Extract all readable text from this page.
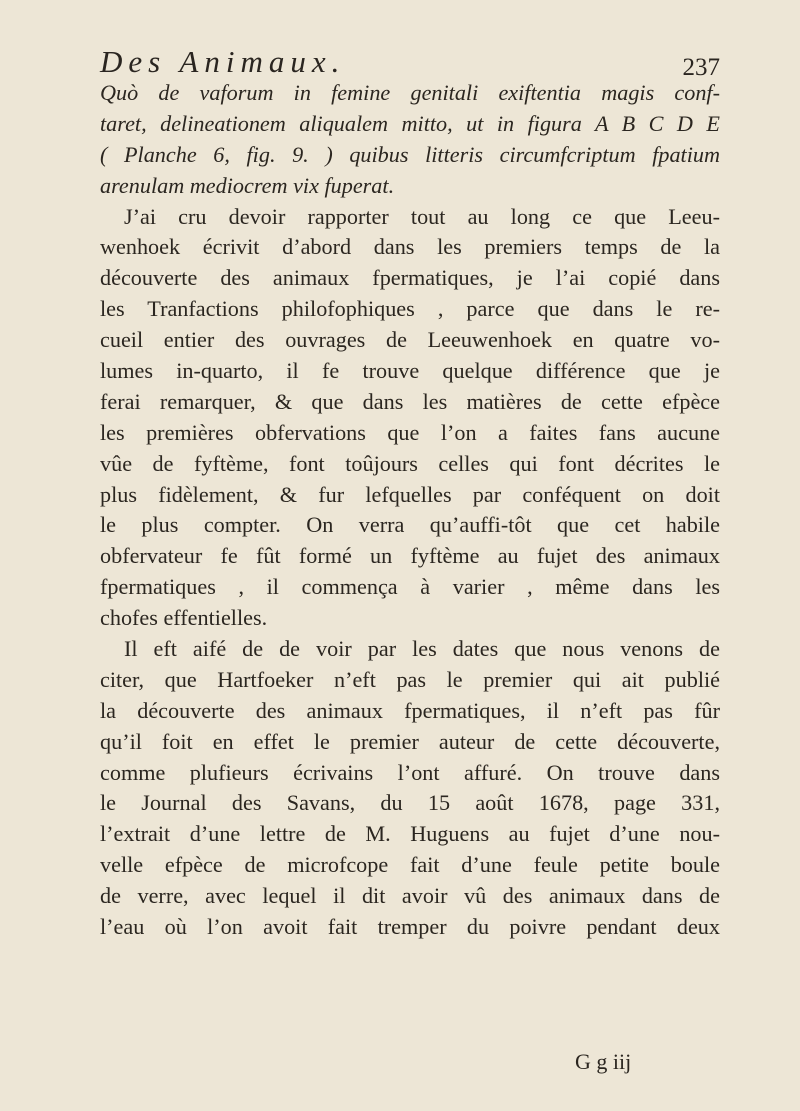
Des Animaux.	237
Quò de vaforum in femine genitali exiftentia magis conf-
taret, delineationem aliqualem mitto, ut in figura A B C D E
( Planche 6, fig. 9. ) quibus litteris circumfcriptum fpatium
arenulam mediocrem vix fuperat.
J’ai cru devoir rapporter tout au long ce que Leeu-
wenhoek écrivit d’abord dans les premiers temps de la
découverte des animaux fpermatiques, je l’ai copié dans
les Tranfactions philofophiques , parce que dans le re-
cueil entier des ouvrages de Leeuwenhoek en quatre vo-
lumes in-quarto, il fe trouve quelque différence que je
ferai remarquer, & que dans les matières de cette efpèce
les premières obfervations que l’on a faites fans aucune
vûe de fyftème, font toûjours celles qui font décrites le
plus fidèlement, & fur lefquelles par conféquent on doit
le plus compter. On verra qu’auffi-tôt que cet habile
obfervateur fe fût formé un fyftème au fujet des animaux
fpermatiques , il commença à varier , même dans les
chofes effentielles.
Il eft aifé de de voir par les dates que nous venons de
citer, que Hartfoeker n’eft pas le premier qui ait publié
la découverte des animaux fpermatiques, il n’eft pas fûr
qu’il foit en effet le premier auteur de cette découverte,
comme plufieurs écrivains l’ont affuré. On trouve dans
le Journal des Savans, du 15 août 1678, page 331,
l’extrait d’une lettre de M. Huguens au fujet d’une nou-
velle efpèce de microfcope fait d’une feule petite boule
de verre, avec lequel il dit avoir vû des animaux dans de
l’eau où l’on avoit fait tremper du poivre pendant deux
G g iij
